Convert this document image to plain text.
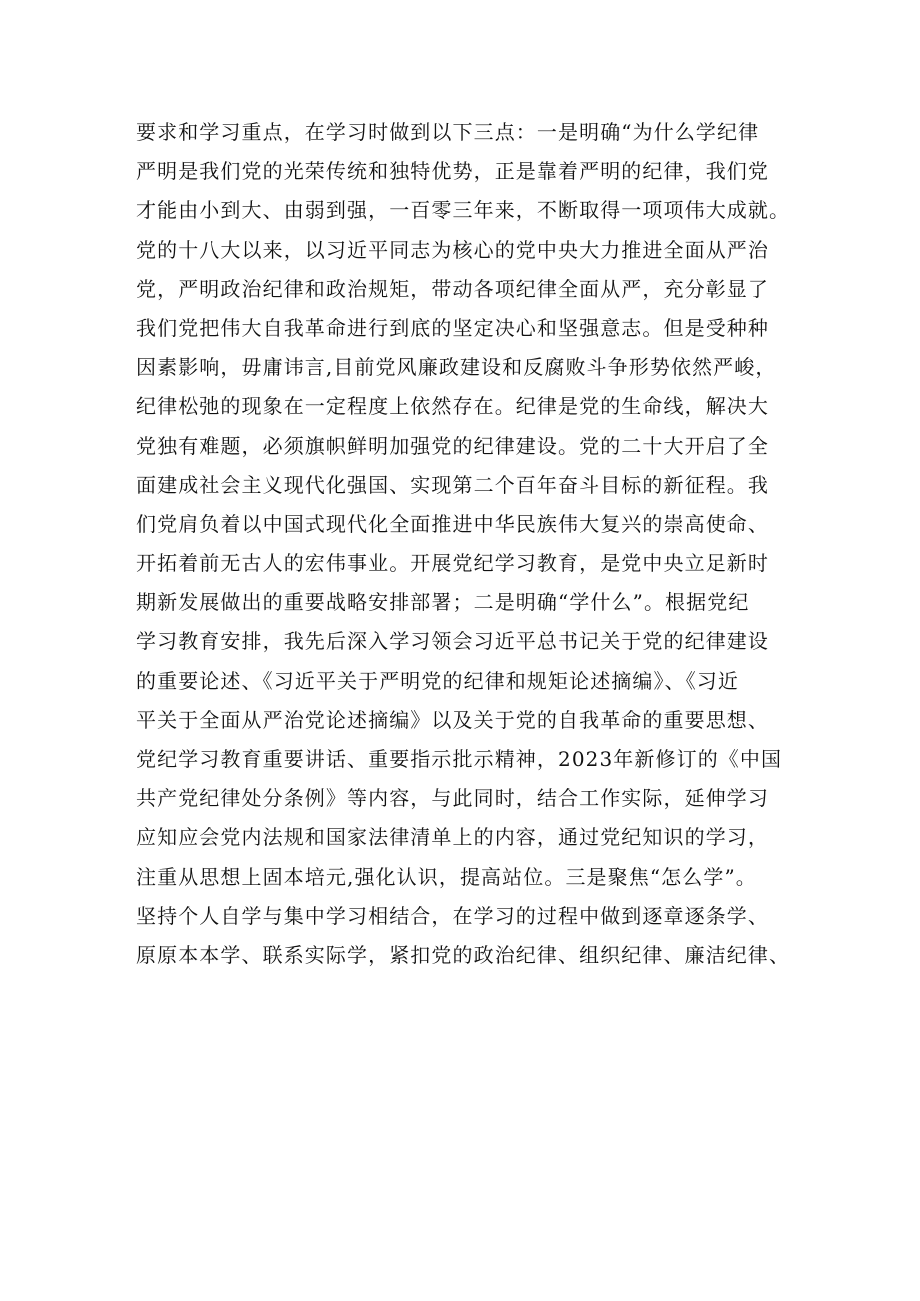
要求和学习重点，在学习时做到以下三点：一是明确“为什么学纪律
严明是我们党的光荣传统和独特优势，正是靠着严明的纪律，我们党
才能由小到大、由弱到强，一百零三年来，不断取得一项项伟大成就。
党的十八大以来，以习近平同志为核心的党中央大力推进全面从严治
党，严明政治纪律和政治规矩，带动各项纪律全面从严，充分彰显了
我们党把伟大自我革命进行到底的坚定决心和坚强意志。但是受种种
因素影响，毋庸讳言,目前党风廉政建设和反腐败斗争形势依然严峻，
纪律松弛的现象在一定程度上依然存在。纪律是党的生命线，解决大
党独有难题，必须旗帜鲜明加强党的纪律建设。党的二十大开启了全
面建成社会主义现代化强国、实现第二个百年奋斗目标的新征程。我
们党肩负着以中国式现代化全面推进中华民族伟大复兴的崇高使命、
开拓着前无古人的宏伟事业。开展党纪学习教育，是党中央立足新时
期新发展做出的重要战略安排部署；二是明确“学什么”。根据党纪
学习教育安排，我先后深入学习领会习近平总书记关于党的纪律建设
的重要论述、《习近平关于严明党的纪律和规矩论述摘编》、《习近
平关于全面从严治党论述摘编》以及关于党的自我革命的重要思想、
党纪学习教育重要讲话、重要指示批示精神，2023年新修订的《中国
共产党纪律处分条例》等内容，与此同时，结合工作实际，延伸学习
应知应会党内法规和国家法律清单上的内容，通过党纪知识的学习，
注重从思想上固本培元,强化认识，提高站位。三是聚焦“怎么学”。
坚持个人自学与集中学习相结合，在学习的过程中做到逐章逐条学、
原原本本学、联系实际学，紧扣党的政治纪律、组织纪律、廉洁纪律、
